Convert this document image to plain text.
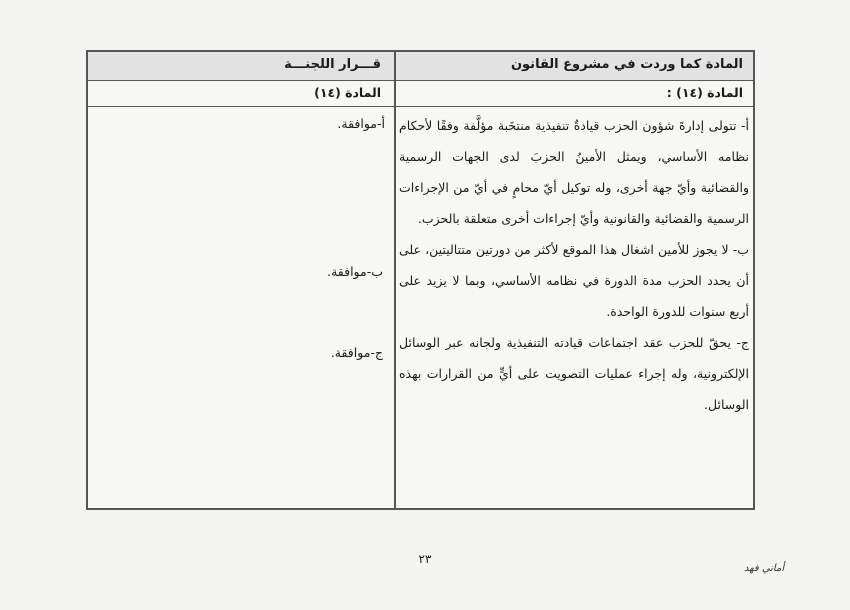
المادة كما وردت في مشروع القانون
قـــرار اللجنـــة
المادة (١٤) :
المادة (١٤)

أ- تتولى إدارةَ شؤون الحزب قيادةٌ تنفيذية منتخَبة مؤلَّفة وفقًا لأحكام نظامه الأساسي، ويمثل الأمينُ الحزبَ لدى الجهات الرسمية والقضائية وأيّ جهة أخرى، وله توكيل أيّ محامٍ في أيّ من الإجراءات الرسمية والقضائية والقانونية وأيّ إجراءات أخرى متعلقة بالحزب.

ب- لا يجوز للأمين اشغال هذا الموقع لأكثر من دورتين متتاليتين، على أن يحدد الحزب مدة الدورة في نظامه الأساسي، وبما لا يزيد على أربع سنوات للدورة الواحدة.

ج- يحقّ للحزب عقد اجتماعات قيادته التنفيذية ولجانه عبر الوسائل الإلكترونية، وله إجراء عمليات التصويت على أيٍّ من القرارات بهذه الوسائل.

أ-موافقة.
ب-موافقة.
ج-موافقة.
٢٣
أماني فهد
